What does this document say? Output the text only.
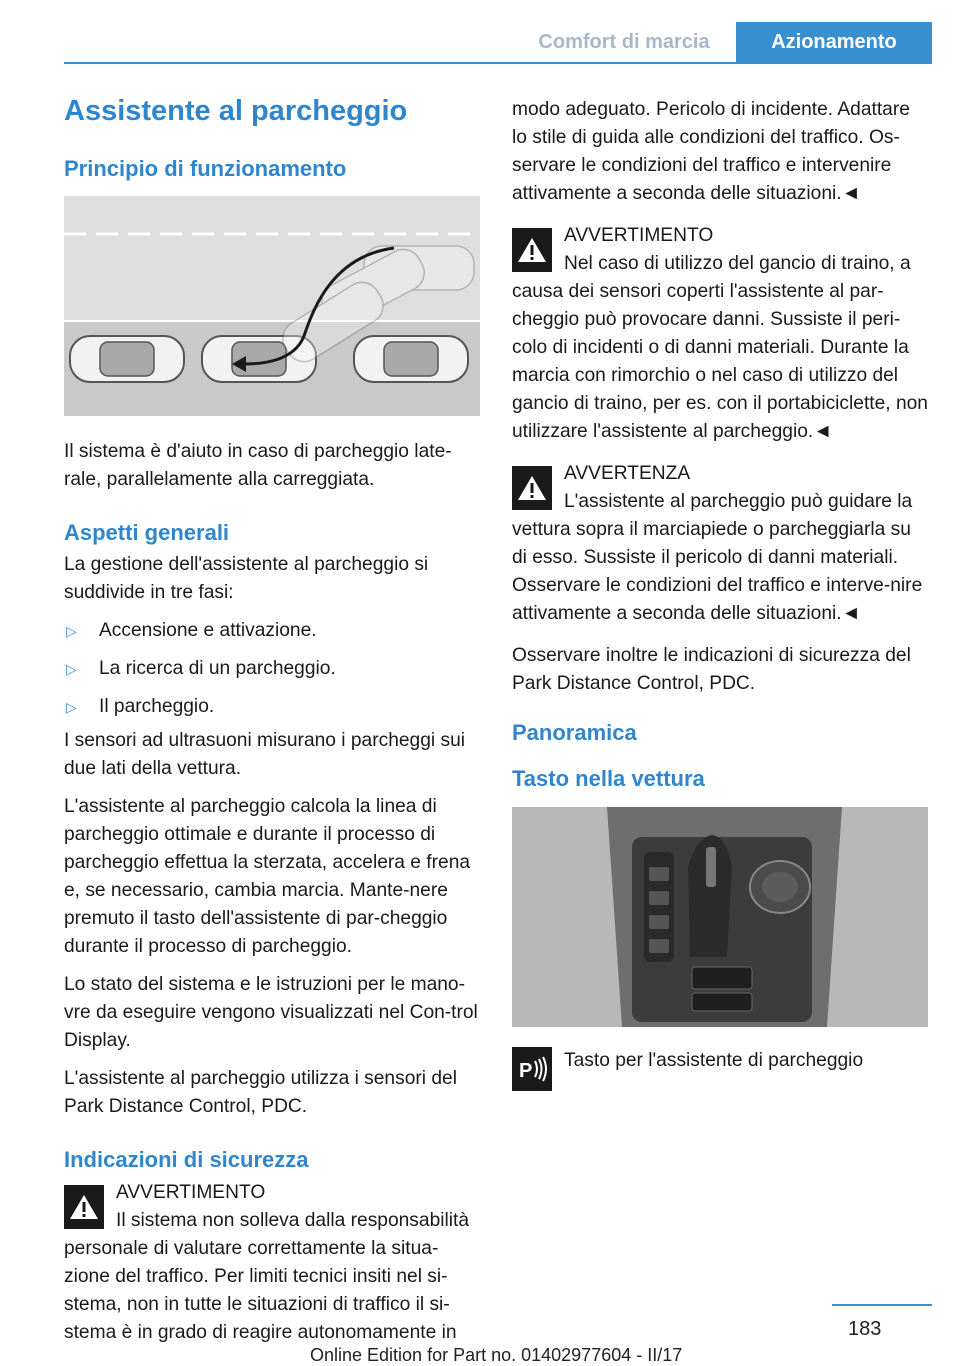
Comfort di marcia	Azionamento
Assistente al parcheggio
Principio di funzionamento

Il sistema è d'aiuto in caso di parcheggio late-rale, parallelamente alla carreggiata.

Aspetti generali

La gestione dell'assistente al parcheggio si suddivide in tre fasi:

▷ Accensione e attivazione.
▷ La ricerca di un parcheggio.
▷ Il parcheggio.

I sensori ad ultrasuoni misurano i parcheggi sui due lati della vettura.

L'assistente al parcheggio calcola la linea di parcheggio ottimale e durante il processo di parcheggio effettua la sterzata, accelera e frena e, se necessario, cambia marcia. Mante-nere premuto il tasto dell'assistente di par-cheggio durante il processo di parcheggio.

Lo stato del sistema e le istruzioni per le mano-vre da eseguire vengono visualizzati nel Con-trol Display.

L'assistente al parcheggio utilizza i sensori del Park Distance Control, PDC.

Indicazioni di sicurezza

AVVERTIMENTO

Il sistema non solleva dalla responsabilità personale di valutare correttamente la situa-zione del traffico. Per limiti tecnici insiti nel si-stema, non in tutte le situazioni di traffico il si-stema è in grado di reagire autonomamente in

modo adeguato. Pericolo di incidente. Adattare lo stile di guida alle condizioni del traffico. Os-servare le condizioni del traffico e intervenire attivamente a seconda delle situazioni.◄

AVVERTIMENTO

Nel caso di utilizzo del gancio di traino, a

causa dei sensori coperti l'assistente al par-cheggio può provocare danni. Sussiste il peri-colo di incidenti o di danni materiali. Durante la marcia con rimorchio o nel caso di utilizzo del gancio di traino, per es. con il portabiciclette, non utilizzare l'assistente al parcheggio.◄

AVVERTENZA

L'assistente al parcheggio può guidare la

vettura sopra il marciapiede o parcheggiarla su di esso. Sussiste il pericolo di danni materiali. Osservare le condizioni del traffico e interve-nire attivamente a seconda delle situazioni.◄

Osservare inoltre le indicazioni di sicurezza del Park Distance Control, PDC.

Panoramica
Tasto nella vettura
P	Tasto per l'assistente di parcheggio

183
Online Edition for Part no. 01402977604 - II/17
